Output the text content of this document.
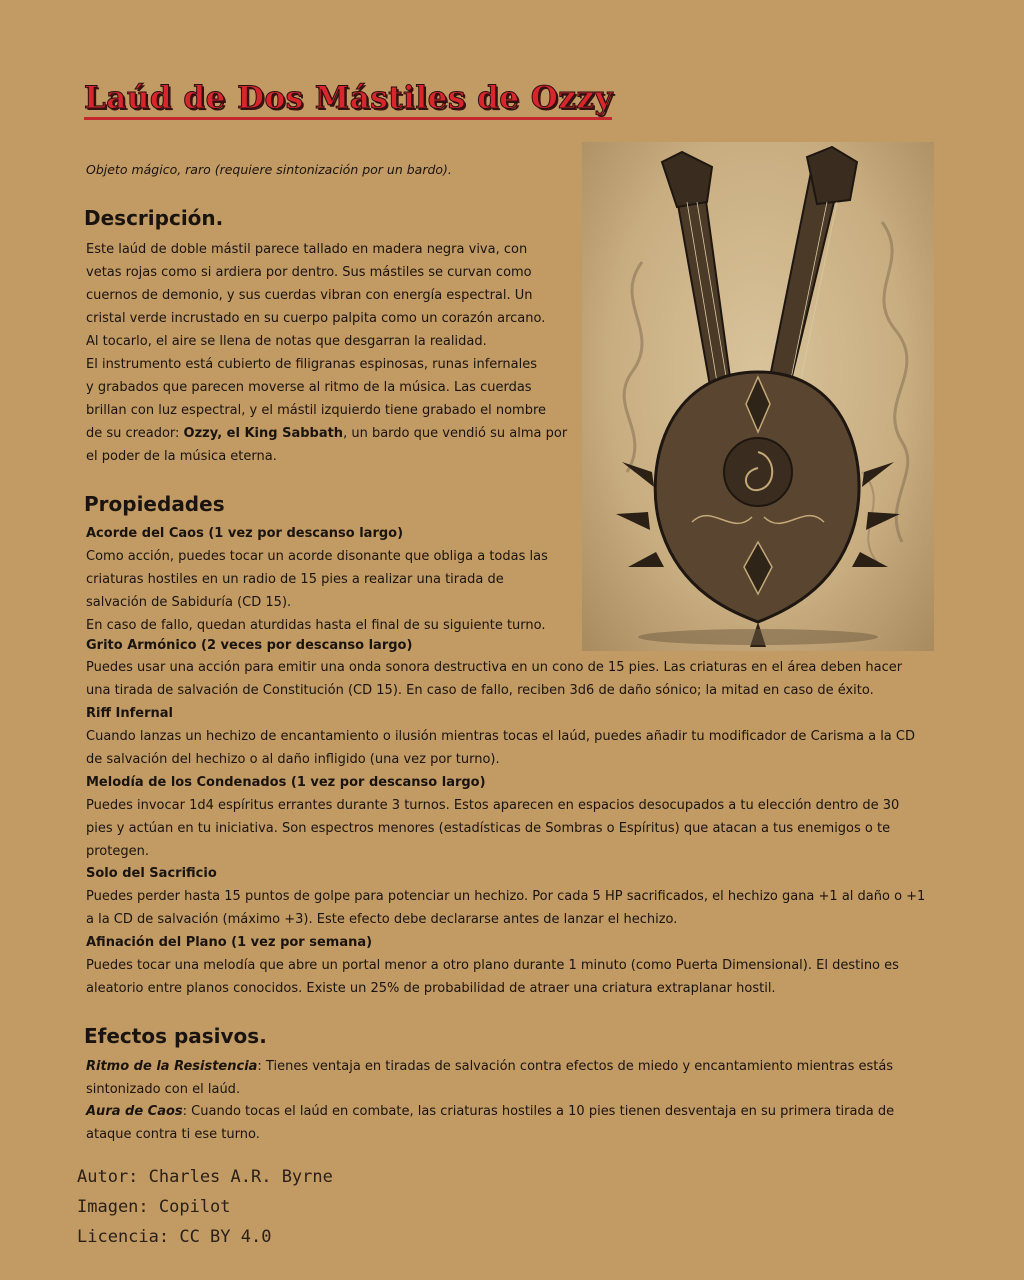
Laúd de Dos Mástiles de Ozzy

Objeto mágico, raro (requiere sintonización por un bardo).

Descripción.
Este laúd de doble mástil parece tallado en madera negra viva, con
vetas rojas como si ardiera por dentro. Sus mástiles se curvan como
cuernos de demonio, y sus cuerdas vibran con energía espectral. Un
cristal verde incrustado en su cuerpo palpita como un corazón arcano.
Al tocarlo, el aire se llena de notas que desgarran la realidad.
El instrumento está cubierto de filigranas espinosas, runas infernales
y grabados que parecen moverse al ritmo de la música. Las cuerdas
brillan con luz espectral, y el mástil izquierdo tiene grabado el nombre
de su creador: Ozzy, el King Sabbath, un bardo que vendió su alma por
el poder de la música eterna.
Propiedades
Acorde del Caos (1 vez por descanso largo)
Como acción, puedes tocar un acorde disonante que obliga a todas las
criaturas hostiles en un radio de 15 pies a realizar una tirada de
salvación de Sabiduría (CD 15).
En caso de fallo, quedan aturdidas hasta el final de su siguiente turno.
Grito Armónico (2 veces por descanso largo)
Puedes usar una acción para emitir una onda sonora destructiva en un cono de 15 pies. Las criaturas en el área deben hacer
una tirada de salvación de Constitución (CD 15). En caso de fallo, reciben 3d6 de daño sónico; la mitad en caso de éxito.
Riff Infernal
Cuando lanzas un hechizo de encantamiento o ilusión mientras tocas el laúd, puedes añadir tu modificador de Carisma a la CD
de salvación del hechizo o al daño infligido (una vez por turno).
Melodía de los Condenados (1 vez por descanso largo)
Puedes invocar 1d4 espíritus errantes durante 3 turnos. Estos aparecen en espacios desocupados a tu elección dentro de 30
pies y actúan en tu iniciativa. Son espectros menores (estadísticas de Sombras o Espíritus) que atacan a tus enemigos o te
protegen.
Solo del Sacrificio
Puedes perder hasta 15 puntos de golpe para potenciar un hechizo. Por cada 5 HP sacrificados, el hechizo gana +1 al daño o +1
a la CD de salvación (máximo +3). Este efecto debe declararse antes de lanzar el hechizo.
Afinación del Plano (1 vez por semana)
Puedes tocar una melodía que abre un portal menor a otro plano durante 1 minuto (como Puerta Dimensional). El destino es
aleatorio entre planos conocidos. Existe un 25% de probabilidad de atraer una criatura extraplanar hostil.
Efectos pasivos.
Ritmo de la Resistencia: Tienes ventaja en tiradas de salvación contra efectos de miedo y encantamiento mientras estás
sintonizado con el laúd.
Aura de Caos: Cuando tocas el laúd en combate, las criaturas hostiles a 10 pies tienen desventaja en su primera tirada de
ataque contra ti ese turno.
Autor: Charles A.R. Byrne
Imagen: Copilot
Licencia: CC BY 4.0
